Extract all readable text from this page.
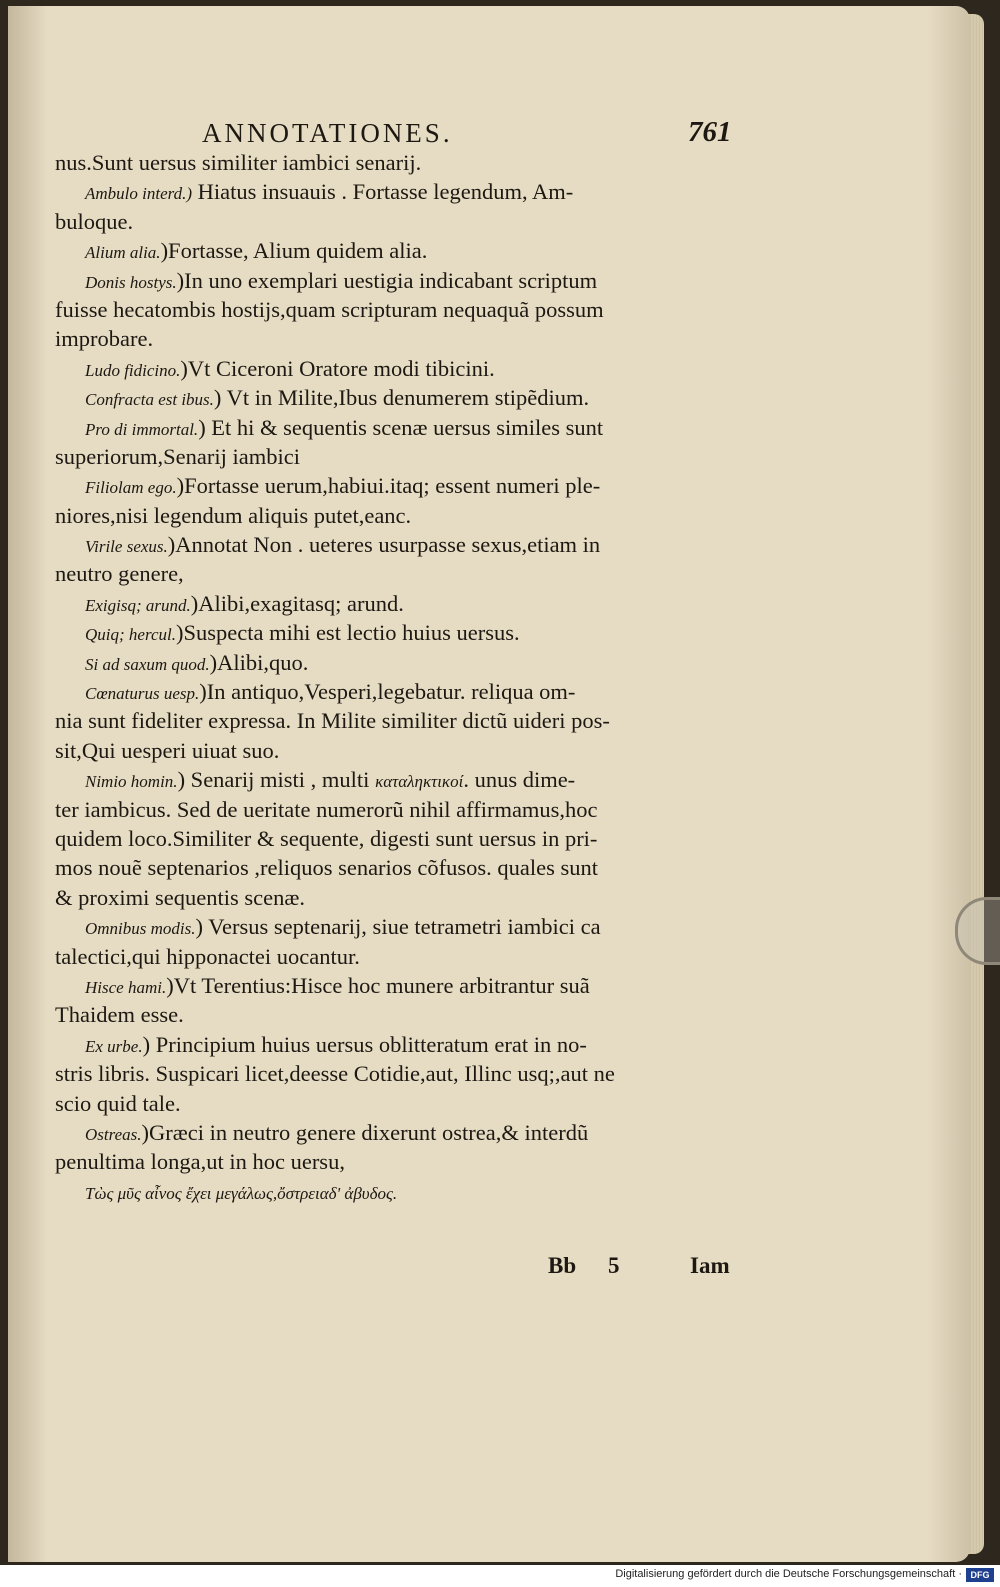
ANNOTATIONES.	761
nus.Sunt uersus similiter iambici senarij.
Ambulo interd.) Hiatus insuauis . Fortasse legendum, Am-
buloque.
Alium alia.)Fortasse, Alium quidem alia.
Donis hostys.)In uno exemplari uestigia indicabant scriptum
fuisse hecatombis hostijs,quam scripturam nequaquã possum
improbare.
Ludo fidicino.)Vt Ciceroni Oratore modi tibicini.
Confracta est ibus.) Vt in Milite,Ibus denumerem stipẽdium.
Pro di immortal.) Et hi & sequentis scenæ uersus similes sunt
superiorum,Senarij iambici
Filiolam ego.)Fortasse uerum,habiui.itaq; essent numeri ple-
niores,nisi legendum aliquis putet,eanc.
Virile sexus.)Annotat Non . ueteres usurpasse sexus,etiam in
neutro genere,
Exigisq; arund.)Alibi,exagitasq; arund.
Quiq; hercul.)Suspecta mihi est lectio huius uersus.
Si ad saxum quod.)Alibi,quo.
Cœnaturus uesp.)In antiquo,Vesperi,legebatur. reliqua om-
nia sunt fideliter expressa. In Milite similiter dictũ uideri pos-
sit,Qui uesperi uiuat suo.
Nimio homin.) Senarij misti , multi καταληκτικοί. unus dime-
ter iambicus. Sed de ueritate numerorũ nihil affirmamus,hoc
quidem loco.Similiter & sequente, digesti sunt uersus in pri-
mos nouẽ septenarios ,reliquos senarios cõfusos. quales sunt
& proximi sequentis scenæ.
Omnibus modis.) Versus septenarij, siue tetrametri iambici ca
talectici,qui hipponactei uocantur.
Hisce hami.)Vt Terentius:Hisce hoc munere arbitrantur suã
Thaidem esse.
Ex urbe.) Principium huius uersus oblitteratum erat in no-
stris libris. Suspicari licet,deesse Cotidie,aut, Illinc usq;,aut ne
scio quid tale.
Ostreas.)Græci in neutro genere dixerunt ostrea,& interdũ
penultima longa,ut in hoc uersu,
Τὼς μῦς αἶνος ἔχει μεγάλως,ὄστρειαδ' ἀβυδος.
Bb 5	Iam
Digitalisierung gefördert durch die Deutsche Forschungsgemeinschaft · DFG
